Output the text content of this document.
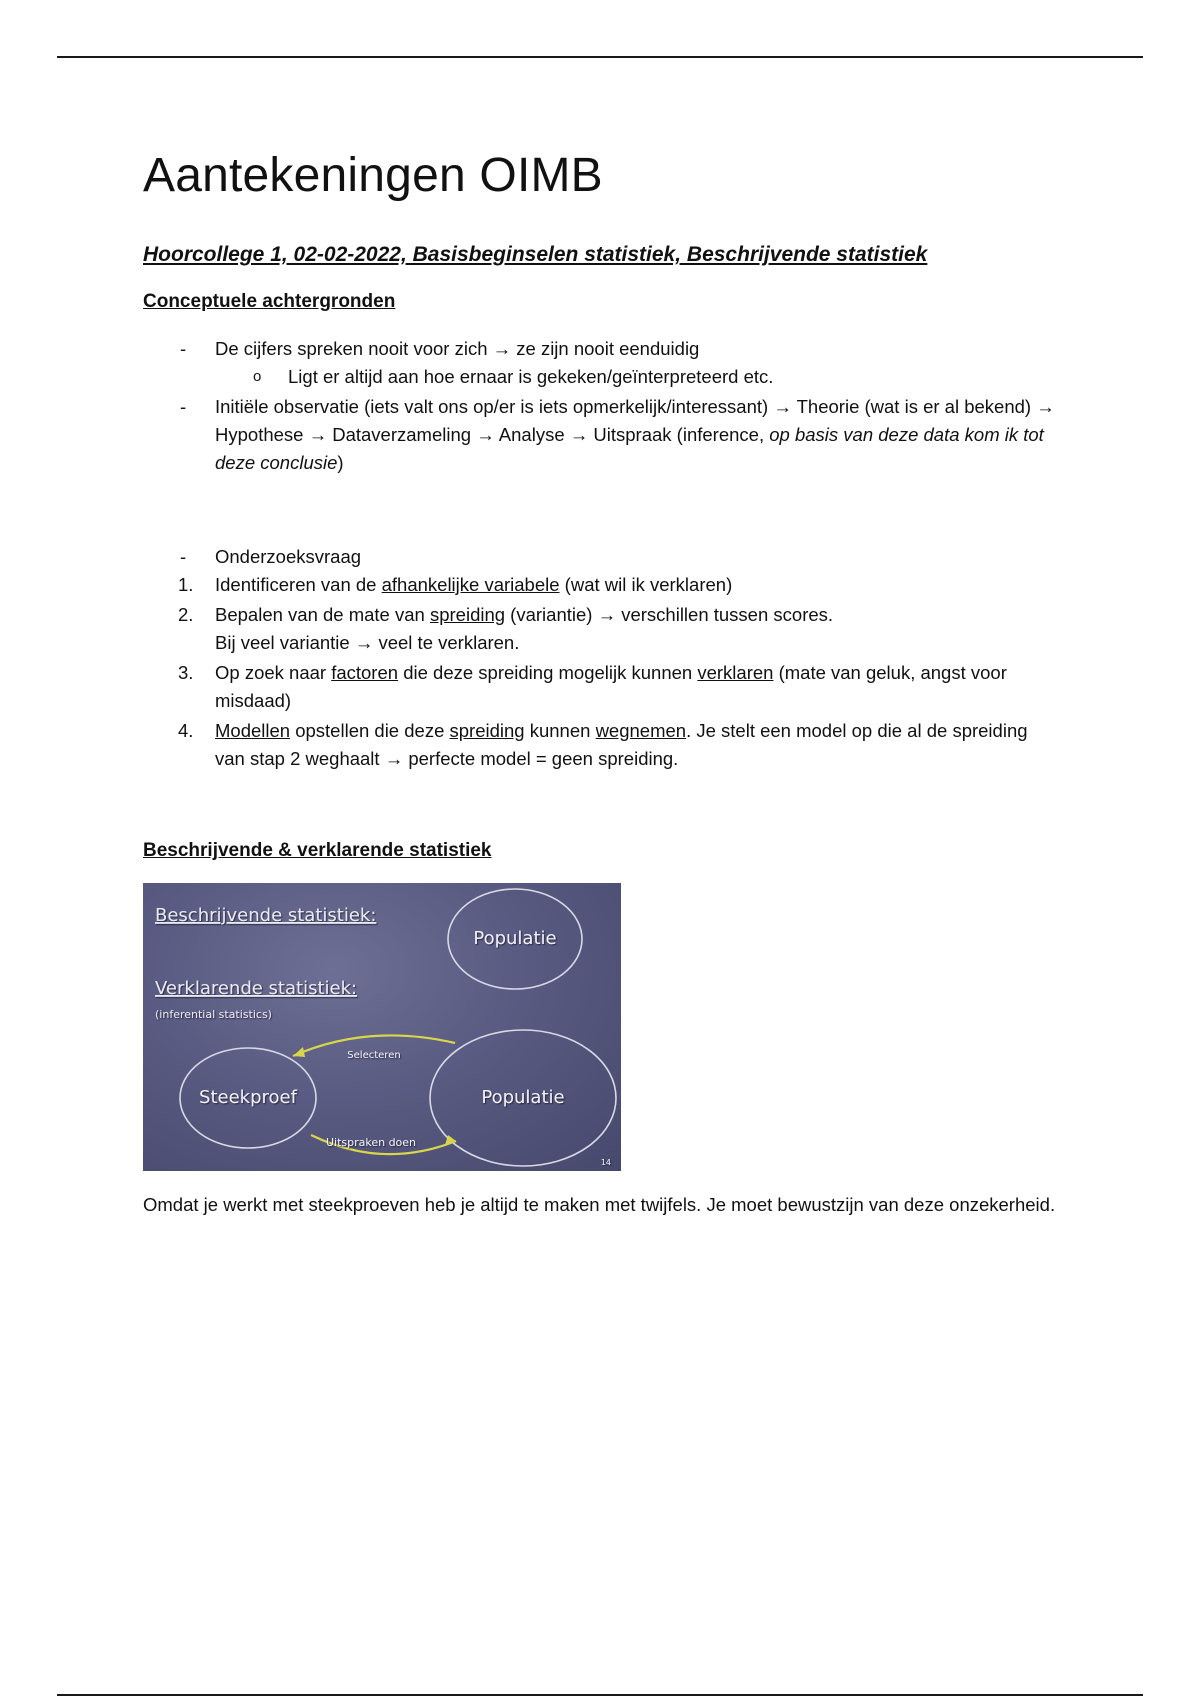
Aantekeningen OIMB
Hoorcollege 1, 02-02-2022, Basisbeginselen statistiek, Beschrijvende statistiek
Conceptuele achtergronden
-	De cijfers spreken nooit voor zich → ze zijn nooit eenduidig
o	Ligt er altijd aan hoe ernaar is gekeken/geïnterpreteerd etc.
-	Initiële observatie (iets valt ons op/er is iets opmerkelijk/interessant) → Theorie (wat is er al bekend) → Hypothese → Dataverzameling → Analyse → Uitspraak (inference, op basis van deze data kom ik tot deze conclusie)
-	Onderzoeksvraag
1.	Identificeren van de afhankelijke variabele (wat wil ik verklaren)
2.	Bepalen van de mate van spreiding (variantie) → verschillen tussen scores.
Bij veel variantie → veel te verklaren.
3.	Op zoek naar factoren die deze spreiding mogelijk kunnen verklaren (mate van geluk, angst voor misdaad)
4.	Modellen opstellen die deze spreiding kunnen wegnemen. Je stelt een model op die al de spreiding van stap 2 weghaalt → perfecte model = geen spreiding.
Beschrijvende & verklarende statistiek
Beschrijvende statistiek:
Verklarende statistiek:
(inferential statistics)
Populatie
Steekproef	Populatie
Selecteren
Uitspraken doen
14
Omdat je werkt met steekproeven heb je altijd te maken met twijfels. Je moet bewustzijn van deze onzekerheid.
